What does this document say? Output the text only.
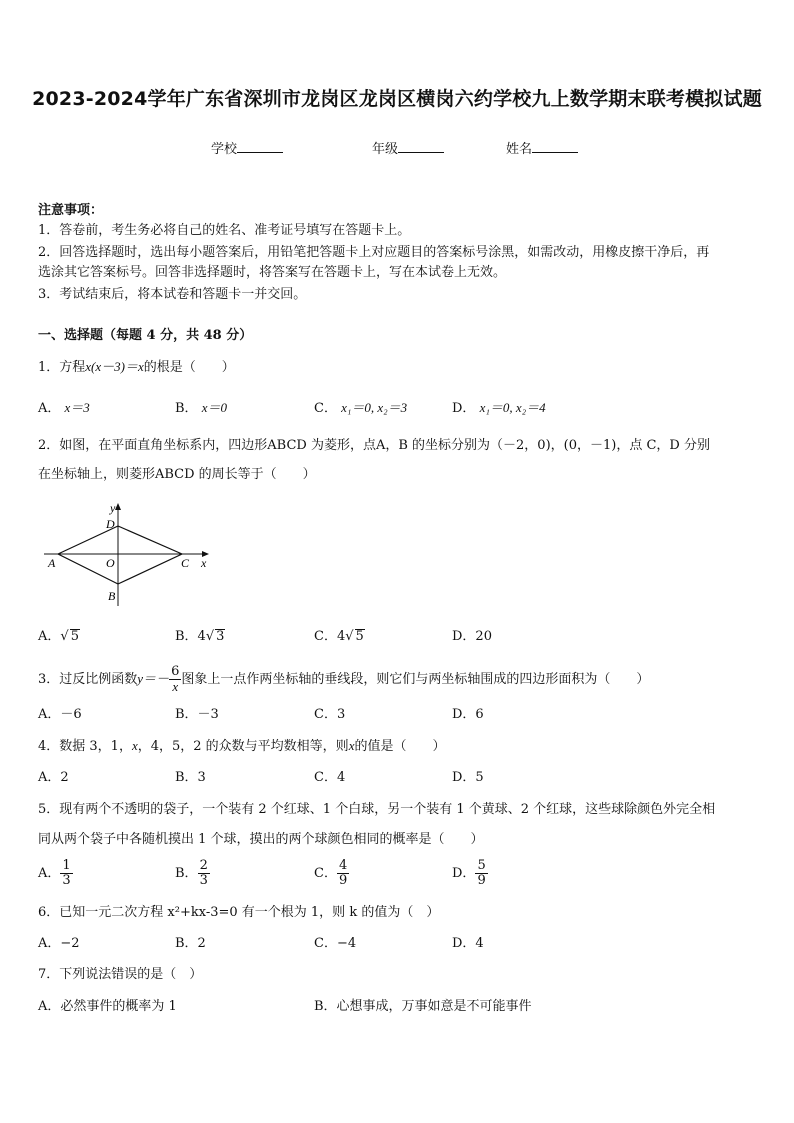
2023-2024学年广东省深圳市龙岗区龙岗区横岗六约学校九上数学期末联考模拟试题
学校	年级	姓名
注意事项：
1．答卷前，考生务必将自己的姓名、准考证号填写在答题卡上。
2．回答选择题时，选出每小题答案后，用铅笔把答题卡上对应题目的答案标号涂黑，如需改动，用橡皮擦干净后，再
选涂其它答案标号。回答非选择题时，将答案写在答题卡上，写在本试卷上无效。
3．考试结束后，将本试卷和答题卡一并交回。
一、选择题（每题 4 分，共 48 分）
1．方程x(x－3)＝x的根是（　　）
A． x＝3	B． x＝0	C． x₁＝0, x₂＝3	D． x₁＝0, x₂＝4
2．如图，在平面直角坐标系内，四边形ABCD 为菱形，点A，B 的坐标分别为（－2，0)，(0，－1)，点 C，D 分别
在坐标轴上，则菱形ABCD 的周长等于（　　）
y
D
A	O	C x
B
A．√ 5	B．4√ 3	C．4√ 5	D．20
3．过反比例函数$y=- \frac{6}{x}$ 图象上一点作两坐标轴的垂线段，则它们与两坐标轴围成的四边形面积为（　　）
A．－6	B．－3	C．3	D．6
4．数据 3，1，x，4，5，2 的众数与平均数相等，则x的值是（　　）
A．2	B．3	C．4	D．5
5．现有两个不透明的袋子，一个装有 2 个红球、1 个白球，另一个装有 1 个黄球、2 个红球，这些球除颜色外完全相
同从两个袋子中各随机摸出 1 个球，摸出的两个球颜色相同的概率是（　　）
A． $\frac{1}{3}$	B． $\frac{2}{3}$	C． $\frac{4}{9}$	D． $\frac{5}{9}$
6．已知一元二次方程 x²+kx-3=0 有一个根为 1，则 k 的值为（　）
A．−2	B．2	C．−4	D．4
7．下列说法错误的是（　）
A．必然事件的概率为 1	B．心想事成，万事如意是不可能事件
